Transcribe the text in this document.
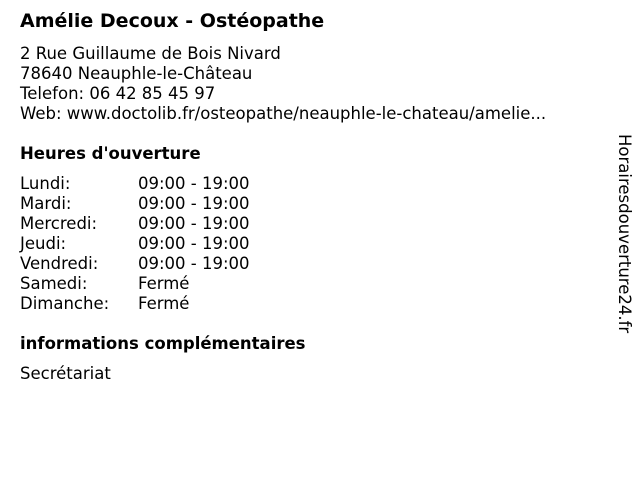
Amélie Decoux - Ostéopathe
2 Rue Guillaume de Bois Nivard
78640 Neauphle-le-Château
Telefon: 06 42 85 45 97
Web: www.doctolib.fr/osteopathe/neauphle-le-chateau/amelie...
Heures d'ouverture
Lundi:	09:00 - 19:00
Mardi:	09:00 - 19:00
Mercredi: 09:00 - 19:00
Jeudi:	09:00 - 19:00
Vendredi: 09:00 - 19:00
Samedi:	Fermé
Dimanche: Fermé
informations complémentaires
Secrétariat
Horairesdouverture24.fr
